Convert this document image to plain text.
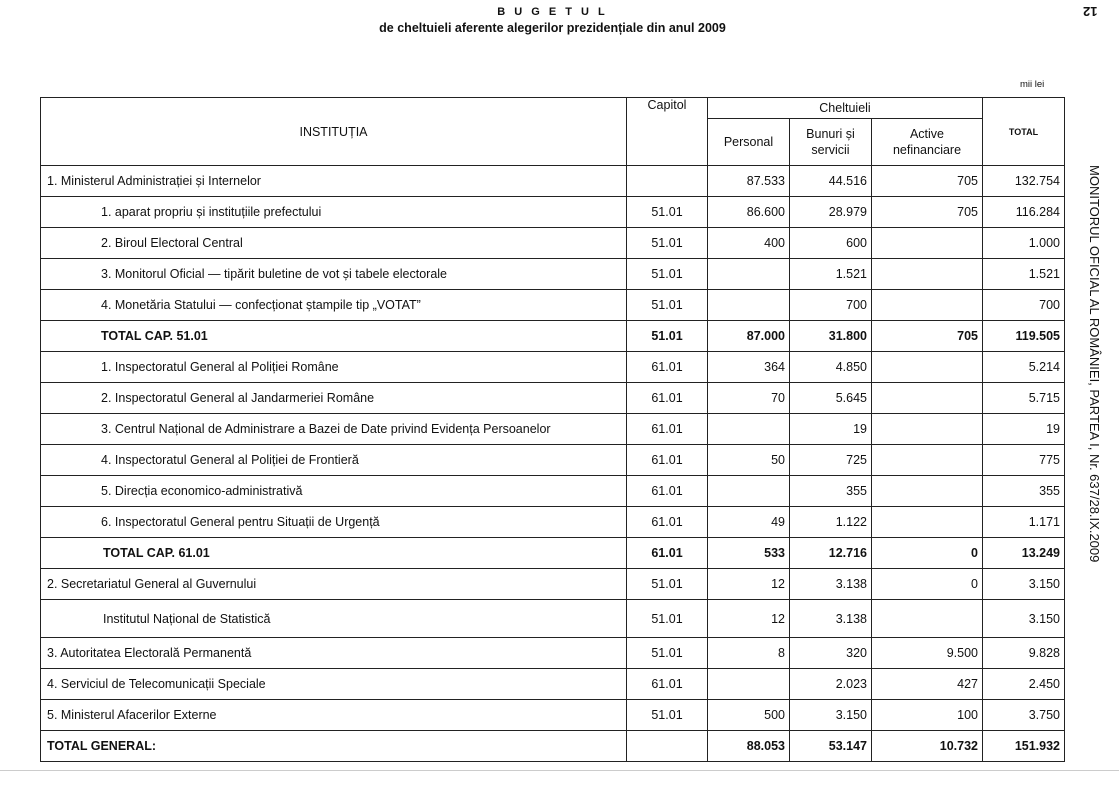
B U G E T U L
de cheltuieli aferente alegerilor prezidențiale din anul 2009
12
mii lei
MONITORUL OFICIAL AL ROMÂNIEI, PARTEA I, Nr. 637/28.IX.2009
INSTITUȚIA	Capitol	Cheltuieli			TOTAL
		Personal	Bunuri și servicii	Active nefinanciare	
1. Ministerul Administrației și Internelor		87.533	44.516	705	132.754
1. aparat propriu și instituțiile prefectului	51.01	86.600	28.979	705	116.284
2. Biroul Electoral Central	51.01	400	600		1.000
3. Monitorul Oficial — tipărit buletine de vot și tabele electorale	51.01		1.521		1.521
4. Monetăria Statului — confecționat ștampile tip „VOTAT”	51.01		700		700
TOTAL CAP. 51.01	51.01	87.000	31.800	705	119.505
1. Inspectoratul General al Poliției Române	61.01	364	4.850		5.214
2. Inspectoratul General al Jandarmeriei Române	61.01	70	5.645		5.715
3. Centrul Național de Administrare a Bazei de Date privind Evidența Persoanelor	61.01		19		19
4. Inspectoratul General al Poliției de Frontieră	61.01	50	725		775
5. Direcția economico-administrativă	61.01		355		355
6. Inspectoratul General pentru Situații de Urgență	61.01	49	1.122		1.171
TOTAL CAP. 61.01	61.01	533	12.716	0	13.249
2. Secretariatul General al Guvernului	51.01	12	3.138	0	3.150
Institutul Național de Statistică	51.01	12	3.138		3.150
3. Autoritatea Electorală Permanentă	51.01	8	320	9.500	9.828
4. Serviciul de Telecomunicații Speciale	61.01		2.023	427	2.450
5. Ministerul Afacerilor Externe	51.01	500	3.150	100	3.750
TOTAL GENERAL:		88.053	53.147	10.732	151.932
